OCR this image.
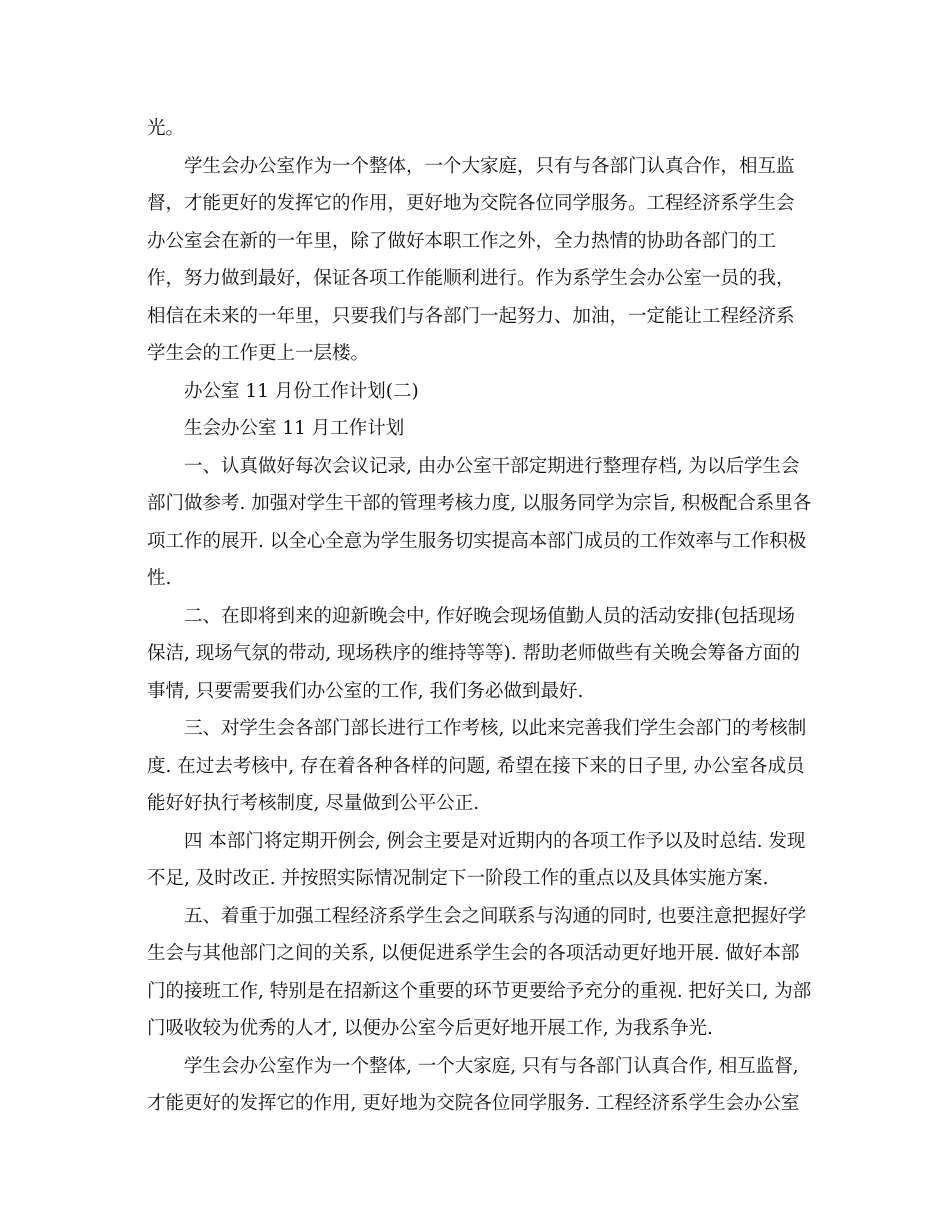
光。
学生会办公室作为一个整体，一个大家庭，只有与各部门认真合作，相互监
督，才能更好的发挥它的作用，更好地为交院各位同学服务。工程经济系学生会
办公室会在新的一年里，除了做好本职工作之外，全力热情的协助各部门的工
作，努力做到最好，保证各项工作能顺利进行。作为系学生会办公室一员的我，
相信在未来的一年里，只要我们与各部门一起努力、加油，一定能让工程经济系
学生会的工作更上一层楼。
办公室 11 月份工作计划(二)
生会办公室 11 月工作计划
一、认真做好每次会议记录, 由办公室干部定期进行整理存档, 为以后学生会
部门做参考. 加强对学生干部的管理考核力度, 以服务同学为宗旨, 积极配合系里各
项工作的展开. 以全心全意为学生服务切实提高本部门成员的工作效率与工作积极
性.
二、在即将到来的迎新晚会中, 作好晚会现场值勤人员的活动安排(包括现场
保洁, 现场气氛的带动, 现场秩序的维持等等). 帮助老师做些有关晚会筹备方面的
事情, 只要需要我们办公室的工作, 我们务必做到最好.
三、对学生会各部门部长进行工作考核, 以此来完善我们学生会部门的考核制
度. 在过去考核中, 存在着各种各样的问题, 希望在接下来的日子里, 办公室各成员
能好好执行考核制度, 尽量做到公平公正.
四 本部门将定期开例会, 例会主要是对近期内的各项工作予以及时总结. 发现
不足, 及时改正. 并按照实际情况制定下一阶段工作的重点以及具体实施方案.
五、着重于加强工程经济系学生会之间联系与沟通的同时, 也要注意把握好学
生会与其他部门之间的关系, 以便促进系学生会的各项活动更好地开展. 做好本部
门的接班工作, 特别是在招新这个重要的环节更要给予充分的重视. 把好关口, 为部
门吸收较为优秀的人才, 以便办公室今后更好地开展工作, 为我系争光.
学生会办公室作为一个整体, 一个大家庭, 只有与各部门认真合作, 相互监督,
才能更好的发挥它的作用, 更好地为交院各位同学服务. 工程经济系学生会办公室
